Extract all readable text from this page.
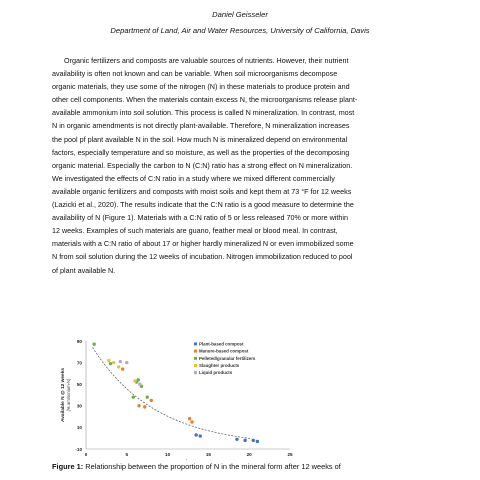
Daniel Geisseler
Department of Land, Air and Water Resources, University of California, Davis
Organic fertilizers and composts are valuable sources of nutrients. However, their nutrient
availability is often not known and can be variable. When soil microorganisms decompose
organic materials, they use some of the nitrogen (N) in these materials to produce protein and
other cell components. When the materials contain excess N, the microorganisms release plant-
available ammonium into soil solution. This process is called N mineralization. In contrast, most
N in organic amendments is not directly plant-available. Therefore, N mineralization increases
the pool pf plant available N in the soil. How much N is mineralized depend on environmental
factors, especially temperature and so moisture, as well as the properties of the decomposing
organic material. Especially the carbon to N (C:N) ratio has a strong effect on N mineralization.
We investigated the effects of C:N ratio in a study where we mixed different commercially
available organic fertilizers and composts with moist soils and kept them at 73 °F for 12 weeks
(Lazicki et al., 2020). The results indicate that the C:N ratio is a good measure to determine the
availability of N (Figure 1). Materials with a C:N ratio of 5 or less released 70% or more within
12 weeks. Examples of such materials are guano, feather meal or blood meal. In contrast,
materials with a C:N ratio of about 17 or higher hardly mineralized N or even immobilized some
N from soil solution during the 12 weeks of incubation. Nitrogen immobilization reduced to pool
of plant available N.
-10
10
30
50
70
90
0	5	10	15	20	25
Available N @ 12 weeks (% ammonium-N)
Plant-based compost
Manure-based compost
Pelleted/granular fertilizers
Slaughter products
Liquid products
Figure 1: Relationship between the proportion of N in the mineral form after 12 weeks of
